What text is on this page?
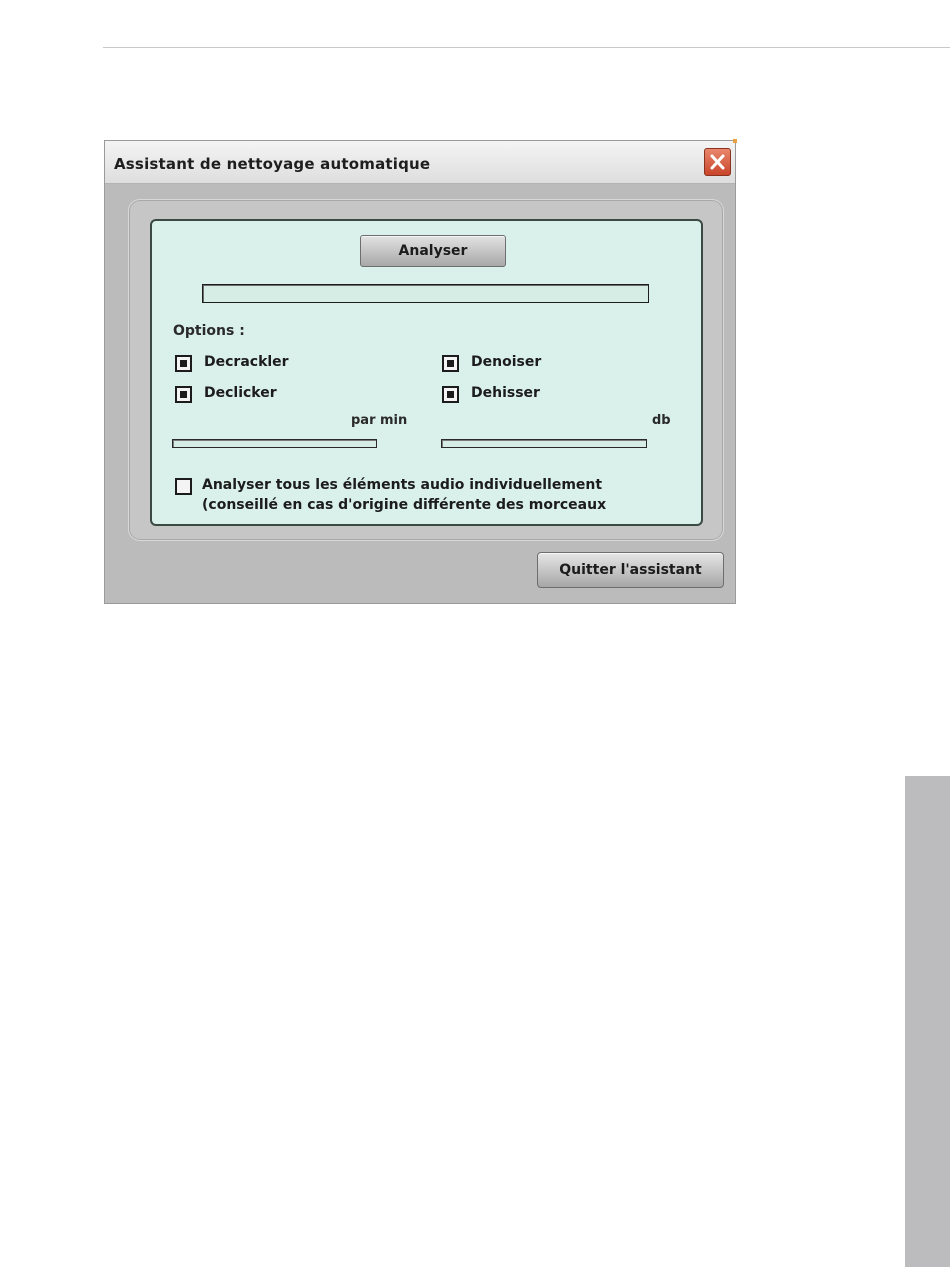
Assistant de nettoyage automatique
Analyser
Options :
Decrackler	Denoiser
Declicker	Dehisser
par min	db
Analyser tous les éléments audio individuellement
(conseillé en cas d'origine différente des morceaux
Quitter l'assistant
